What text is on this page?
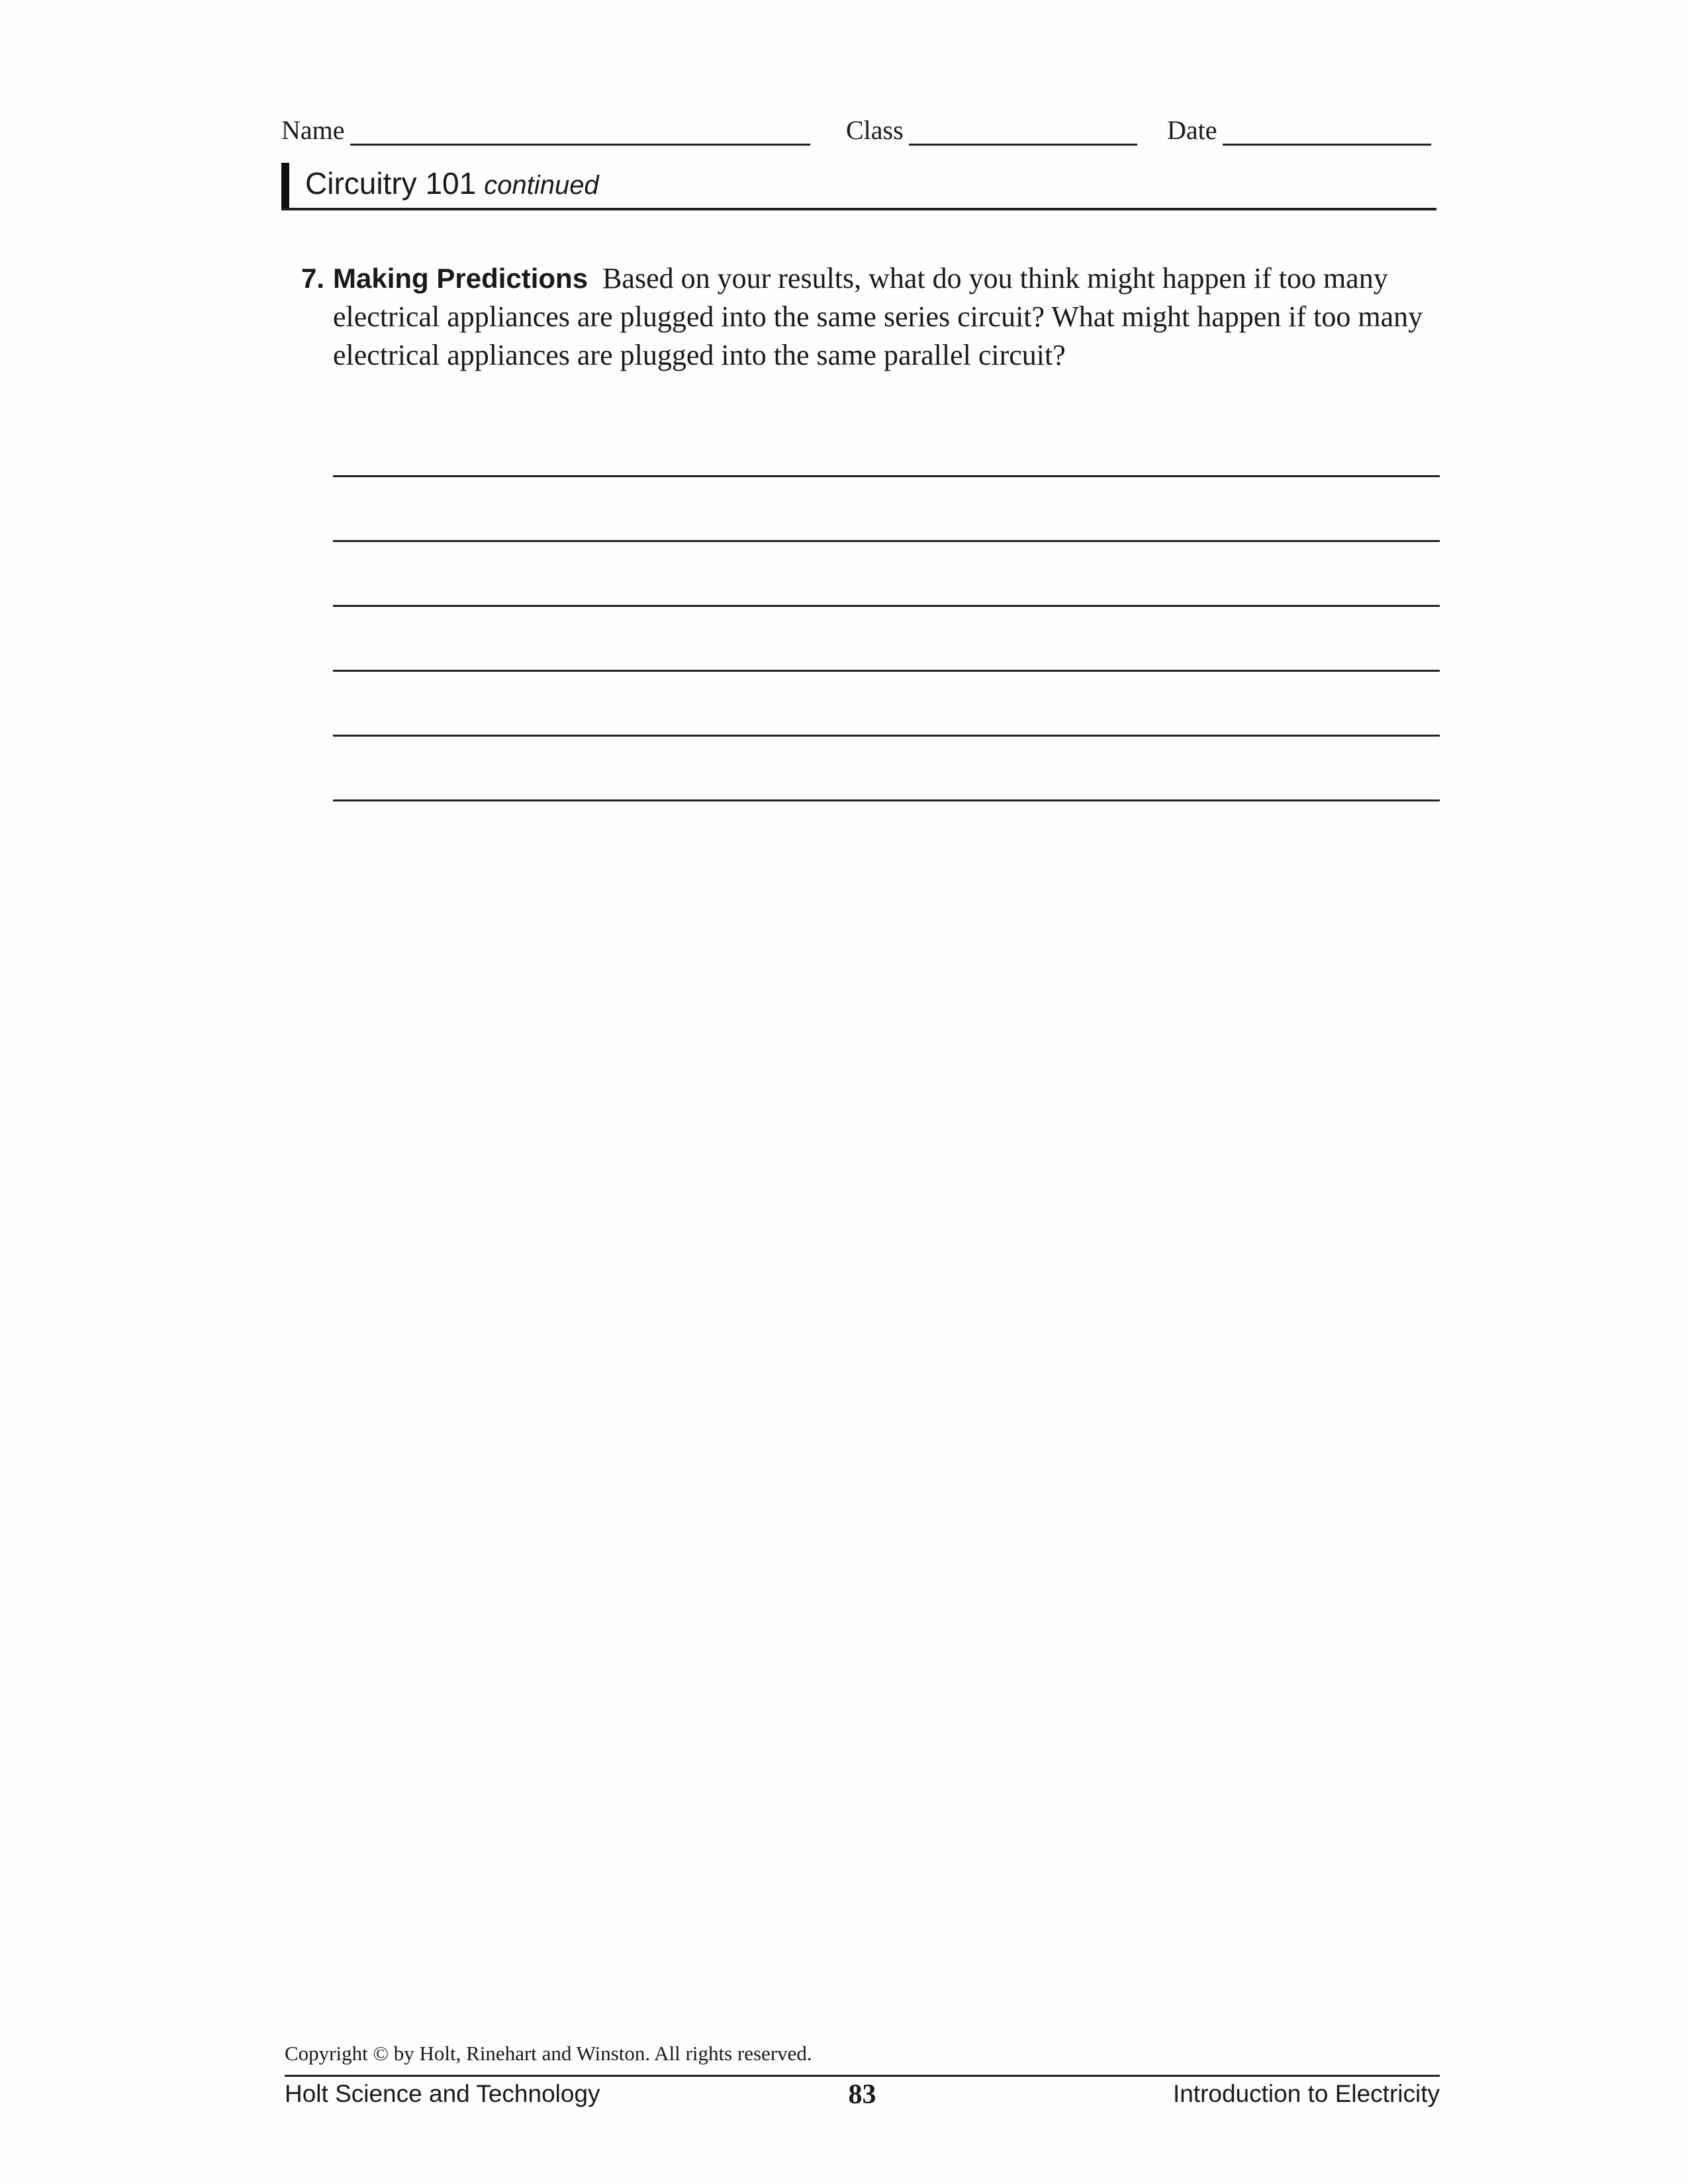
Name	Class	Date
Circuitry 101 continued
7. Making Predictions Based on your results, what do you think might happen if too many electrical appliances are plugged into the same series circuit? What might happen if too many electrical appliances are plugged into the same parallel circuit?
Copyright © by Holt, Rinehart and Winston. All rights reserved.
Holt Science and Technology	83	Introduction to Electricity
